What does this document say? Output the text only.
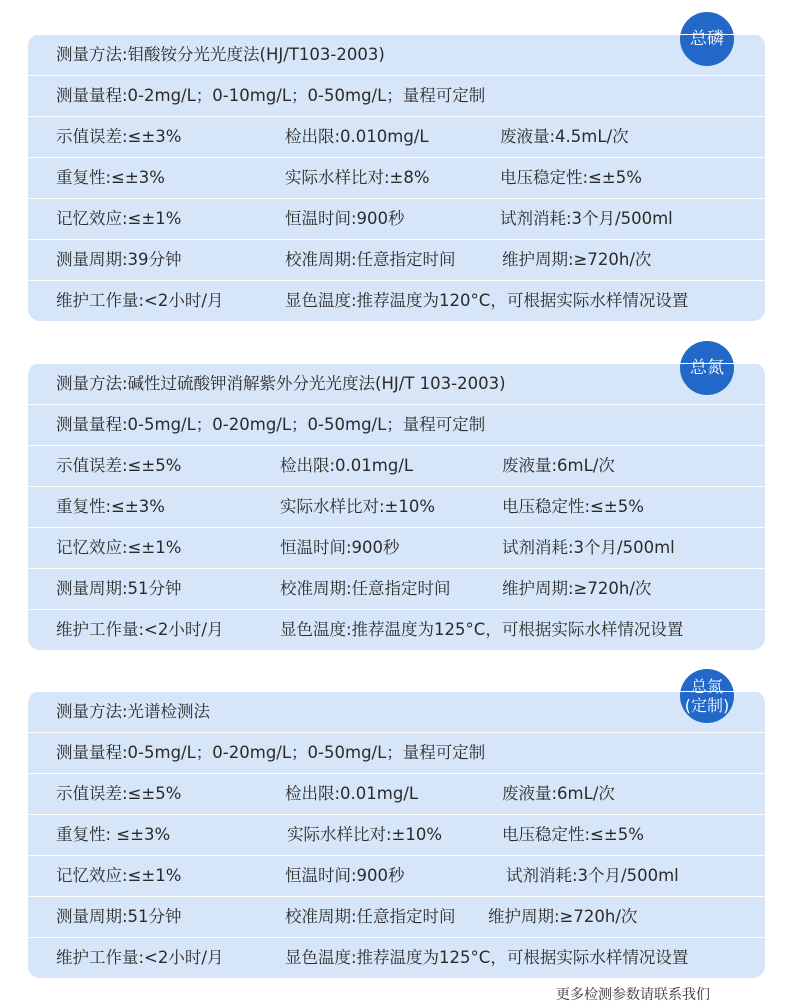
总磷
测量方法:钼酸铵分光光度法(HJ/T103-2003)
测量量程:0-2mg/L；0-10mg/L；0-50mg/L；量程可定制
示值误差:≤±3%	检出限:0.010mg/L	废液量:4.5mL/次
重复性:≤±3%	实际水样比对:±8%	电压稳定性:≤±5%
记忆效应:≤±1%	恒温时间:900秒	试剂消耗:3个月/500ml
测量周期:39分钟	校准周期:任意指定时间	维护周期:≥720h/次
维护工作量:<2小时/月	显色温度:推荐温度为120°C，可根据实际水样情况设置
总氮
测量方法:碱性过硫酸钾消解紫外分光光度法(HJ/T 103-2003)
测量量程:0-5mg/L；0-20mg/L；0-50mg/L；量程可定制
示值误差:≤±5%	检出限:0.01mg/L	废液量:6mL/次
重复性:≤±3%	实际水样比对:±10%	电压稳定性:≤±5%
记忆效应:≤±1%	恒温时间:900秒	试剂消耗:3个月/500ml
测量周期:51分钟	校准周期:任意指定时间	维护周期:≥720h/次
维护工作量:<2小时/月	显色温度:推荐温度为125°C，可根据实际水样情况设置
总氮
(定制)
测量方法:光谱检测法
测量量程:0-5mg/L；0-20mg/L；0-50mg/L；量程可定制
示值误差:≤±5%	检出限:0.01mg/L	废液量:6mL/次
重复性: ≤±3%	实际水样比对:±10%	电压稳定性:≤±5%
记忆效应:≤±1%	恒温时间:900秒	试剂消耗:3个月/500ml
测量周期:51分钟	校准周期:任意指定时间 维护周期:≥720h/次
维护工作量:<2小时/月	显色温度:推荐温度为125°C，可根据实际水样情况设置
更多检测参数请联系我们
